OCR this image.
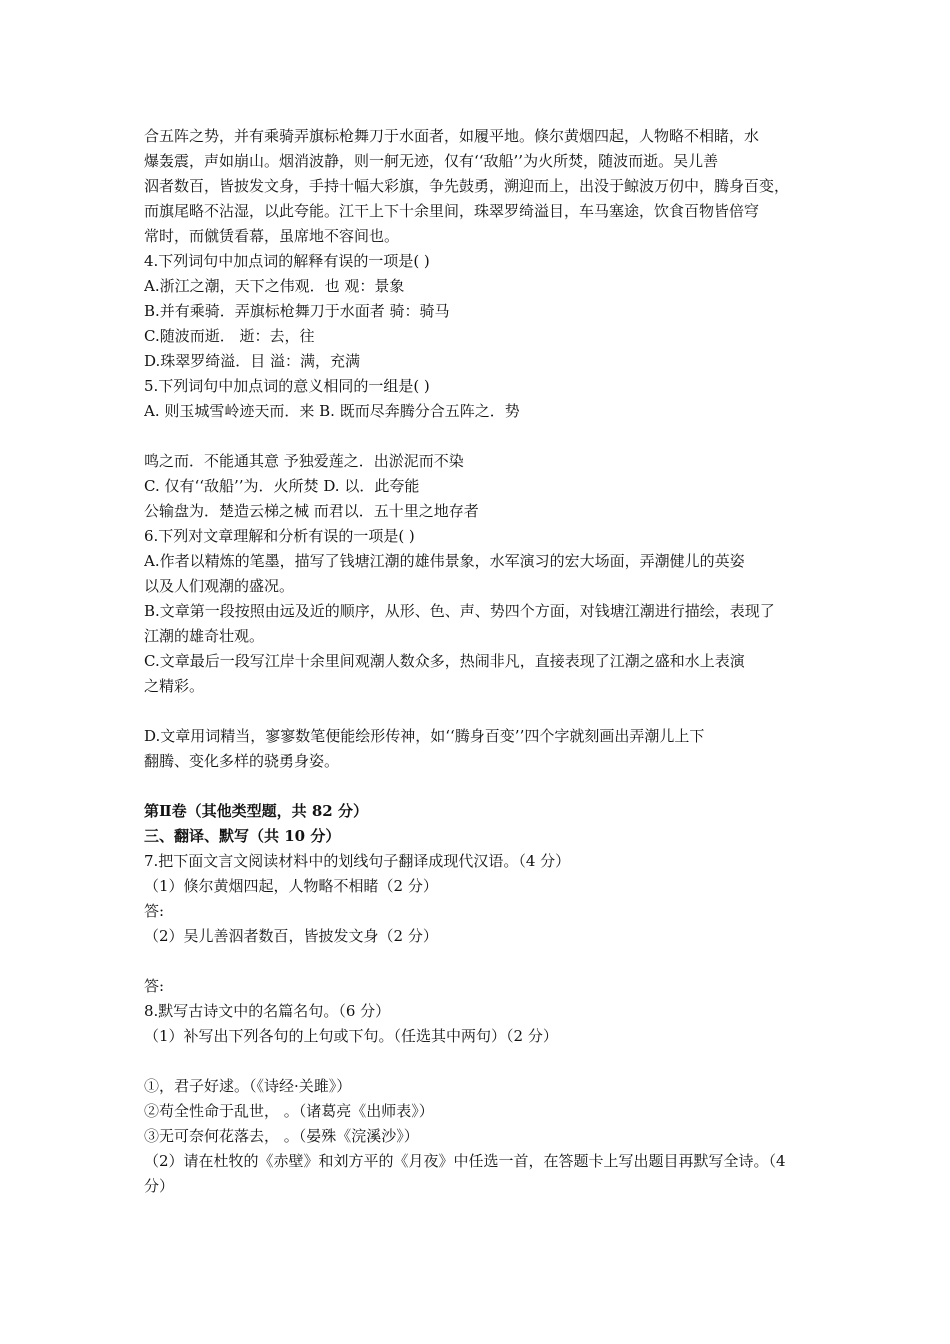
合五阵之势，并有乘骑弄旗标枪舞刀于水面者，如履平地。倏尔黄烟四起，人物略不相睹，水
爆轰震，声如崩山。烟消波静，则一舸无迹，仅有‘‘敌船’’为火所焚，随波而逝。吴儿善
泅者数百，皆披发文身，手持十幅大彩旗，争先鼓勇，溯迎而上，出没于鲸波万仞中，腾身百变，
而旗尾略不沾湿，以此夸能。江干上下十余里间，珠翠罗绮溢目，车马塞途，饮食百物皆倍穹
常时，而僦赁看幕，虽席地不容间也。
4.下列词句中加点词的解释有误的一项是( )
A.浙江之潮，天下之伟观．也 观：景象
B.并有乘骑．弄旗标枪舞刀于水面者 骑：骑马
C.随波而逝． 逝：去，往
D.珠翠罗绮溢．目 溢：满，充满
5.下列词句中加点词的意义相同的一组是( )
A. 则玉城雪岭迹天而．来 B. 既而尽奔腾分合五阵之．势
鸣之而．不能通其意 予独爱莲之．出淤泥而不染
C. 仅有‘‘敌船’’为．火所焚 D. 以．此夸能
公输盘为．楚造云梯之械 而君以．五十里之地存者
6.下列对文章理解和分析有误的一项是( )
A.作者以精炼的笔墨，描写了钱塘江潮的雄伟景象，水军演习的宏大场面，弄潮健儿的英姿
以及人们观潮的盛况。
B.文章第一段按照由远及近的顺序，从形、色、声、势四个方面，对钱塘江潮进行描绘，表现了
江潮的雄奇壮观。
C.文章最后一段写江岸十余里间观潮人数众多，热闹非凡，直接表现了江潮之盛和水上表演
之精彩。
D.文章用词精当，寥寥数笔便能绘形传神，如‘‘腾身百变’’四个字就刻画出弄潮儿上下
翻腾、变化多样的骁勇身姿。
第Ⅱ卷（其他类型题，共 82 分）
三、翻译、默写（共 10 分）
7.把下面文言文阅读材料中的划线句子翻译成现代汉语。（4 分）
（1）倏尔黄烟四起，人物略不相睹（2 分）
答:
（2）吴儿善泅者数百，皆披发文身（2 分）
答:
8.默写古诗文中的名篇名句。（6 分）
（1）补写出下列各句的上句或下句。（任选其中两句）（2 分）
①，君子好逑。（《诗经·关雎》）
②苟全性命于乱世， 。（诸葛亮《出师表》）
③无可奈何花落去， 。（晏殊《浣溪沙》）
（2）请在杜牧的《赤壁》和刘方平的《月夜》中任选一首，在答题卡上写出题目再默写全诗。（4
分）
